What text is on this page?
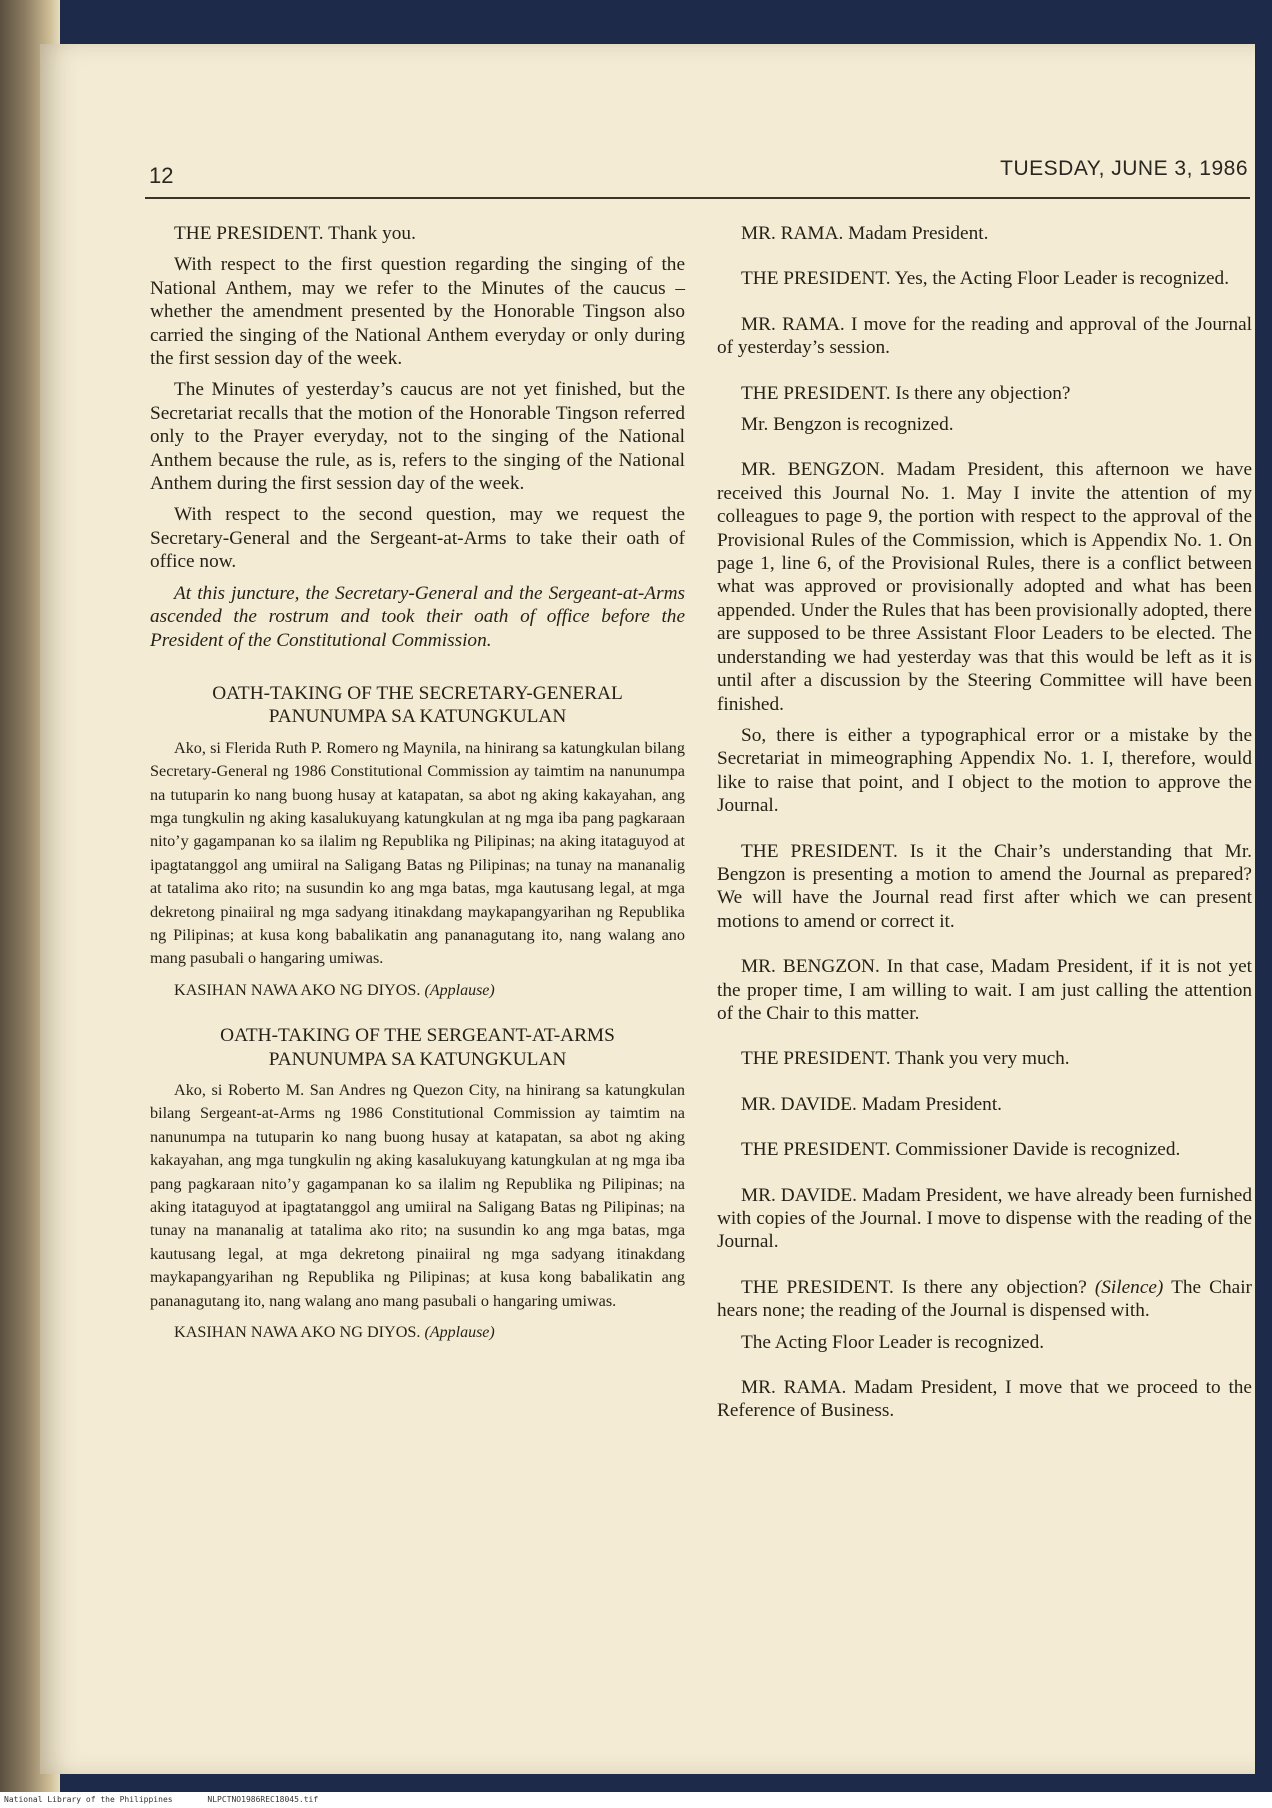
12	TUESDAY, JUNE 3, 1986

THE PRESIDENT. Thank you.

With respect to the first question regarding the singing of the National Anthem, may we refer to the Minutes of the caucus – whether the amendment presented by the Honorable Tingson also carried the singing of the National Anthem everyday or only during the first session day of the week.

The Minutes of yesterday’s caucus are not yet finished, but the Secretariat recalls that the motion of the Honorable Tingson referred only to the Prayer everyday, not to the singing of the National Anthem because the rule, as is, refers to the singing of the National Anthem during the first session day of the week.

With respect to the second question, may we request the Secretary-General and the Sergeant-at-Arms to take their oath of office now.

At this juncture, the Secretary-General and the Sergeant-at-Arms ascended the rostrum and took their oath of office before the President of the Constitutional Commission.

OATH-TAKING OF THE SECRETARY-GENERAL

PANUNUMPA SA KATUNGKULAN

Ako, si Flerida Ruth P. Romero ng Maynila, na hinirang sa katungkulan bilang Secretary-General ng 1986 Constitutional Commission ay taimtim na nanunumpa na tutuparin ko nang buong husay at katapatan, sa abot ng aking kakayahan, ang mga tungkulin ng aking kasalukuyang katungkulan at ng mga iba pang pagkaraan nito’y gagampanan ko sa ilalim ng Republika ng Pilipinas; na aking itataguyod at ipagtatanggol ang umiiral na Saligang Batas ng Pilipinas; na tunay na mananalig at tatalima ako rito; na susundin ko ang mga batas, mga kautusang legal, at mga dekretong pinaiiral ng mga sadyang itinakdang maykapangyarihan ng Republika ng Pilipinas; at kusa kong babalikatin ang pananagutang ito, nang walang ano mang pasubali o hangaring umiwas.

KASIHAN NAWA AKO NG DIYOS. (Applause)

OATH-TAKING OF THE SERGEANT-AT-ARMS

PANUNUMPA SA KATUNGKULAN

Ako, si Roberto M. San Andres ng Quezon City, na hinirang sa katungkulan bilang Sergeant-at-Arms ng 1986 Constitutional Commission ay taimtim na nanunumpa na tutuparin ko nang buong husay at katapatan, sa abot ng aking kakayahan, ang mga tungkulin ng aking kasalukuyang katungkulan at ng mga iba pang pagkaraan nito’y gagampanan ko sa ilalim ng Republika ng Pilipinas; na aking itataguyod at ipagtatanggol ang umiiral na Saligang Batas ng Pilipinas; na tunay na mananalig at tatalima ako rito; na susundin ko ang mga batas, mga kautusang legal, at mga dekretong pinaiiral ng mga sadyang itinakdang maykapangyarihan ng Republika ng Pilipinas; at kusa kong babalikatin ang pananagutang ito, nang walang ano mang pasubali o hangaring umiwas.

KASIHAN NAWA AKO NG DIYOS. (Applause)

MR. RAMA. Madam President.

THE PRESIDENT. Yes, the Acting Floor Leader is recognized.

MR. RAMA. I move for the reading and approval of the Journal of yesterday’s session.

THE PRESIDENT. Is there any objection?

Mr. Bengzon is recognized.

MR. BENGZON. Madam President, this afternoon we have received this Journal No. 1. May I invite the attention of my colleagues to page 9, the portion with respect to the approval of the Provisional Rules of the Commission, which is Appendix No. 1. On page 1, line 6, of the Provisional Rules, there is a conflict between what was approved or provisionally adopted and what has been appended. Under the Rules that has been provisionally adopted, there are supposed to be three Assistant Floor Leaders to be elected. The understanding we had yesterday was that this would be left as it is until after a discussion by the Steering Committee will have been finished.

So, there is either a typographical error or a mistake by the Secretariat in mimeographing Appendix No. 1. I, therefore, would like to raise that point, and I object to the motion to approve the Journal.

THE PRESIDENT. Is it the Chair’s understanding that Mr. Bengzon is presenting a motion to amend the Journal as prepared? We will have the Journal read first after which we can present motions to amend or correct it.

MR. BENGZON. In that case, Madam President, if it is not yet the proper time, I am willing to wait. I am just calling the attention of the Chair to this matter.

THE PRESIDENT. Thank you very much.

MR. DAVIDE. Madam President.

THE PRESIDENT. Commissioner Davide is recognized.

MR. DAVIDE. Madam President, we have already been furnished with copies of the Journal. I move to dispense with the reading of the Journal.

THE PRESIDENT. Is there any objection? (Silence) The Chair hears none; the reading of the Journal is dispensed with.

The Acting Floor Leader is recognized.

MR. RAMA. Madam President, I move that we proceed to the Reference of Business.

National Library of the Philippines	NLPCTNO1986REC18045.tif
